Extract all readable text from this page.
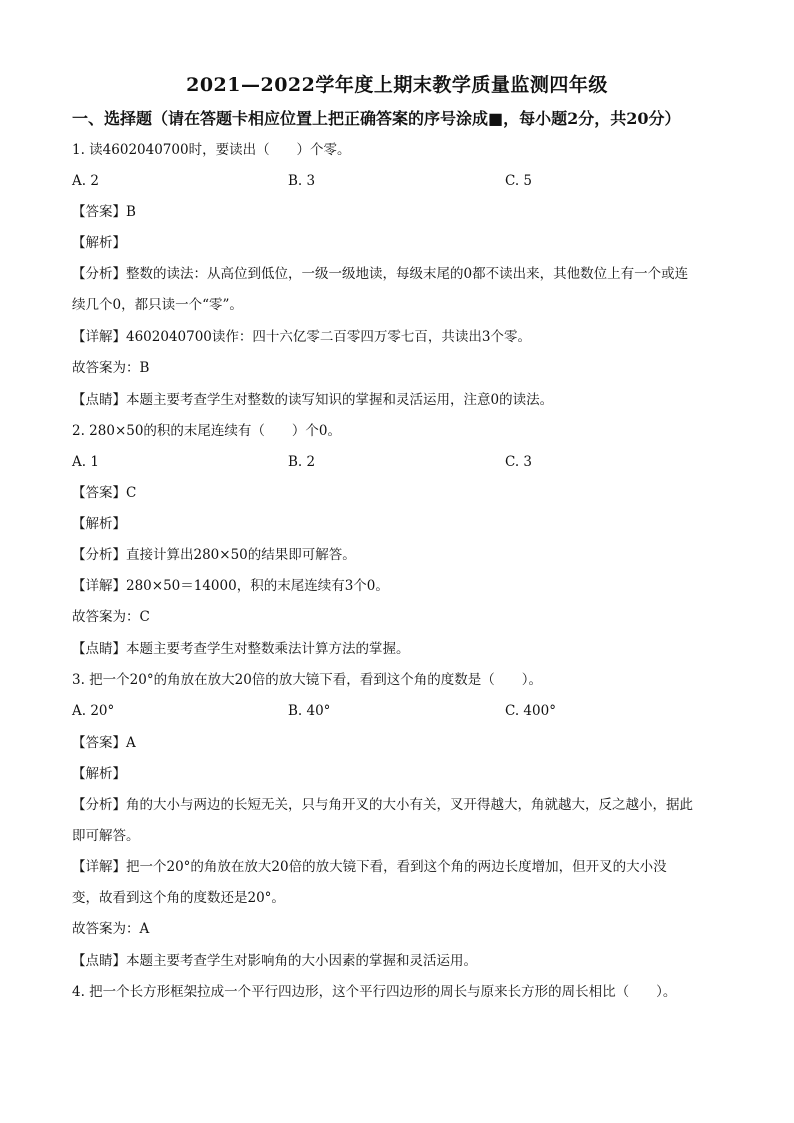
2021—2022学年度上期末教学质量监测四年级
一、选择题（请在答题卡相应位置上把正确答案的序号涂成■，每小题2分，共20分）
1. 读4602040700时，要读出（　　）个零。
A. 2	B. 3	C. 5
【答案】B
【解析】
【分析】整数的读法：从高位到低位，一级一级地读，每级末尾的0都不读出来，其他数位上有一个或连
续几个0，都只读一个“零”。
【详解】4602040700读作：四十六亿零二百零四万零七百，共读出3个零。
故答案为：B
【点睛】本题主要考查学生对整数的读写知识的掌握和灵活运用，注意0的读法。
2. 280×50的积的末尾连续有（　　）个0。
A. 1	B. 2	C. 3
【答案】C
【解析】
【分析】直接计算出280×50的结果即可解答。
【详解】280×50＝14000，积的末尾连续有3个0。
故答案为：C
【点睛】本题主要考查学生对整数乘法计算方法的掌握。
3. 把一个20°的角放在放大20倍的放大镜下看，看到这个角的度数是（　　）。
A. 20°	B. 40°	C. 400°
【答案】A
【解析】
【分析】角的大小与两边的长短无关，只与角开叉的大小有关，叉开得越大，角就越大，反之越小，据此
即可解答。
【详解】把一个20°的角放在放大20倍的放大镜下看，看到这个角的两边长度增加，但开叉的大小没
变，故看到这个角的度数还是20°。
故答案为：A
【点睛】本题主要考查学生对影响角的大小因素的掌握和灵活运用。
4. 把一个长方形框架拉成一个平行四边形，这个平行四边形的周长与原来长方形的周长相比（　　）。
